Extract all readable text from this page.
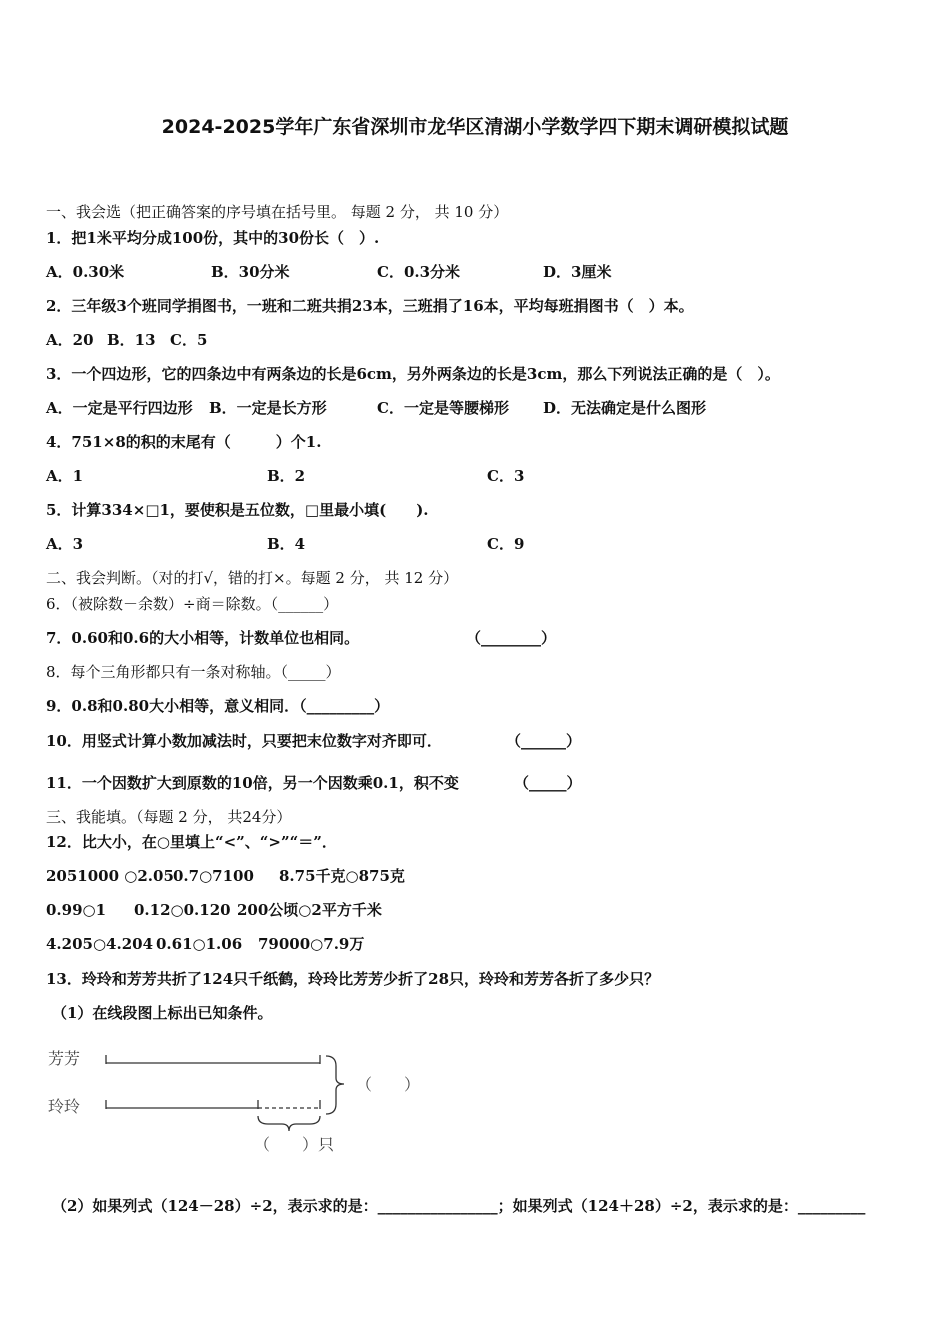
2024-2025学年广东省深圳市龙华区清湖小学数学四下期末调研模拟试题
一、我会选（把正确答案的序号填在括号里。 每题 2 分， 共 10 分）
1．把1米平均分成100份，其中的30份长（　）.
A．0.30米	B．30分米	C．0.3分米	D．3厘米
2．三年级3个班同学捐图书，一班和二班共捐23本，三班捐了16本，平均每班捐图书（　）本。
A．20 B．13 C．5
3．一个四边形，它的四条边中有两条边的长是6cm，另外两条边的长是3cm，那么下列说法正确的是（　）。
A．一定是平行四边形 B．一定是长方形	C．一定是等腰梯形 D．无法确定是什么图形
4．751×8的积的末尾有（　　　）个1.
A．1	B．2	C．3
5．计算334×□1，要使积是五位数，□里最小填(　　).
A．3	B．4	C．9
二、我会判断。（对的打√，错的打×。每题 2 分， 共 12 分）
6．（被除数－余数）÷商＝除数。（______）
7．0.60和0.6的大小相等，计数单位也相同。	（________）
8．每个三角形都只有一条对称轴。（_____）
9．0.8和0.80大小相等，意义相同．（_________）
10．用竖式计算小数加减法时，只要把末位数字对齐即可．	（______）
11．一个因数扩大到原数的10倍，另一个因数乘0.1，积不变	（_____）
三、我能填。（每题 2 分， 共24分）
12．比大小，在○里填上“<”、“>”“＝”．
2051000 ○2.05 0.7○7100 8.75千克○875克
0.99○1 0.12○0.120 200公顷○2平方千米
4.205○4.204 0.61○1.06 79000○7.9万
13．玲玲和芳芳共折了124只千纸鹤，玲玲比芳芳少折了28只，玲玲和芳芳各折了多少只？
（1）在线段图上标出已知条件。
芳芳
玲玲
（　　）
（　　）只
（2）如果列式（124－28）÷2，表示求的是：________________；如果列式（124＋28）÷2，表示求的是：_________
